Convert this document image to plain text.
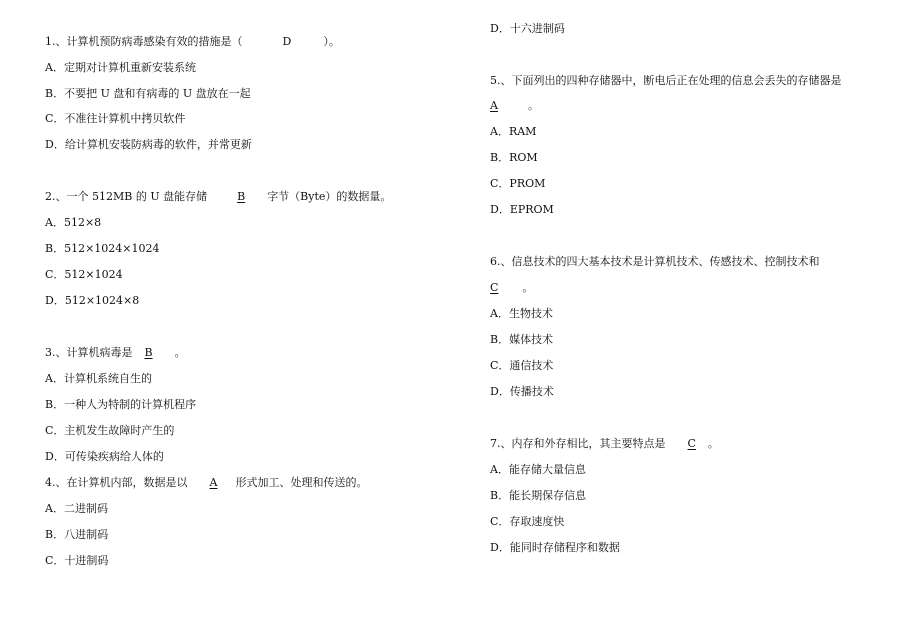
1.、计算机预防病毒感染有效的措施是（	D	）。
A．定期对计算机重新安装系统
B．不要把 U 盘和有病毒的 U 盘放在一起
C．不准往计算机中拷贝软件
D．给计算机安装防病毒的软件，并常更新
2.、一个 512MB 的 U 盘能存储	B 字节（Byte）的数据量。
A．512×8
B．512×1024×1024
C．512×1024
D．512×1024×8
3.、计算机病毒是 B 。
A．计算机系统自生的
B．一种人为特制的计算机程序
C．主机发生故障时产生的
D．可传染疾病给人体的
4.、在计算机内部，数据是以 A 形式加工、处理和传送的。
A．二进制码
B．八进制码
C．十进制码
D．十六进制码
5.、下面列出的四种存储器中，断电后正在处理的信息会丢失的存储器是
A	。
A．RAM
B．ROM
C．PROM
D．EPROM
6.、信息技术的四大基本技术是计算机技术、传感技术、控制技术和
C 。
A．生物技术
B．媒体技术
C．通信技术
D．传播技术
7.、内存和外存相比，其主要特点是 C 。
A．能存储大量信息
B．能长期保存信息
C．存取速度快
D．能同时存储程序和数据
